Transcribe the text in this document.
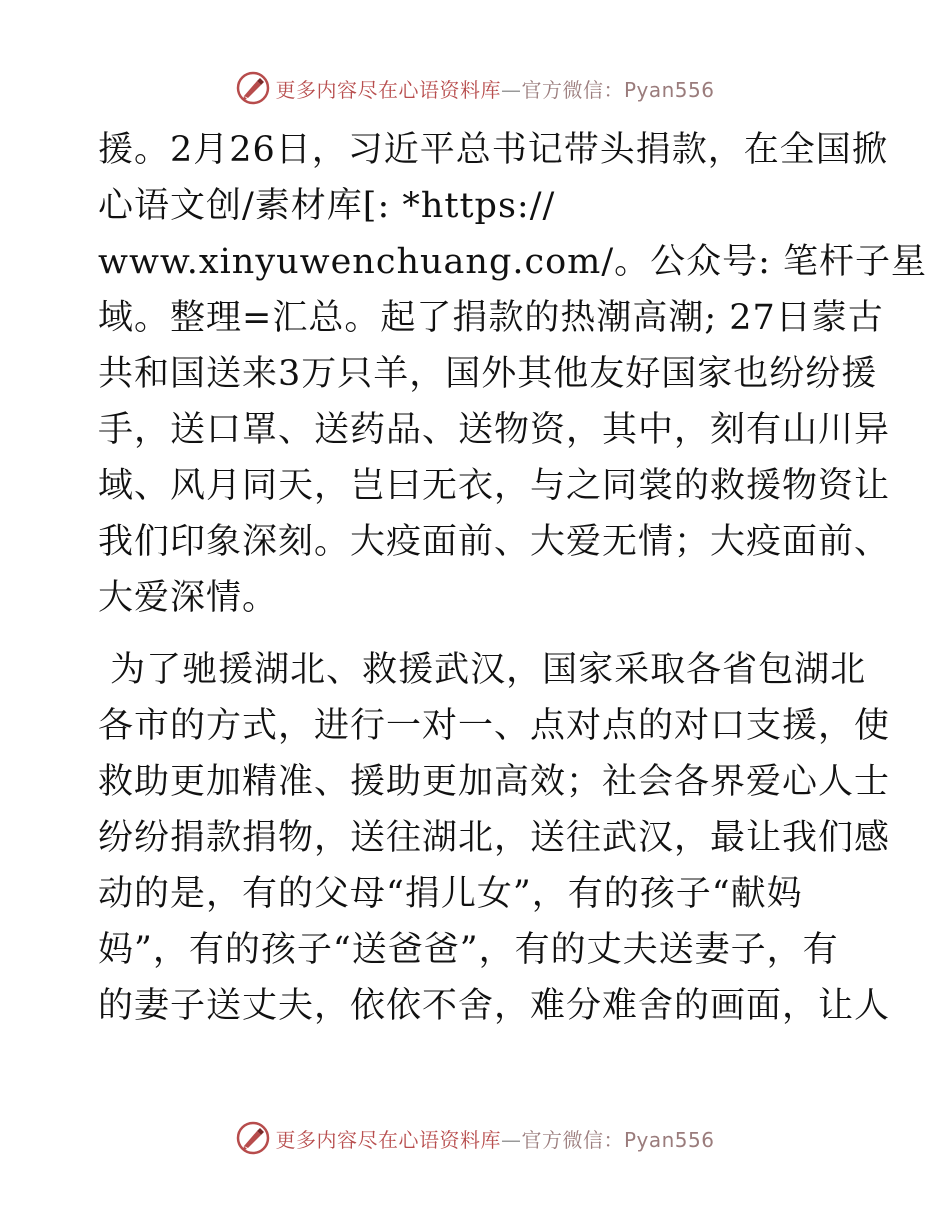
更多内容尽在心语资料库—官方微信：Pyan556
援。2月26日，习近平总书记带头捐款，在全国掀
心语文创/素材库[: *https://
www.xinyuwenchuang.com/。公众号: 笔杆子星
域。整理=汇总。起了捐款的热潮高潮; 27日蒙古
共和国送来3万只羊，国外其他友好国家也纷纷援
手，送口罩、送药品、送物资，其中，刻有山川异
域、风月同天，岂曰无衣，与之同裳的救援物资让
我们印象深刻。大疫面前、大爱无情；大疫面前、
大爱深情。
为了驰援湖北、救援武汉，国家采取各省包湖北
各市的方式，进行一对一、点对点的对口支援，使
救助更加精准、援助更加高效；社会各界爱心人士
纷纷捐款捐物，送往湖北，送往武汉，最让我们感
动的是，有的父母“捐儿女”，有的孩子“献妈
妈”，有的孩子“送爸爸”，有的丈夫送妻子，有
的妻子送丈夫，依依不舍，难分难舍的画面，让人
更多内容尽在心语资料库—官方微信：Pyan556
